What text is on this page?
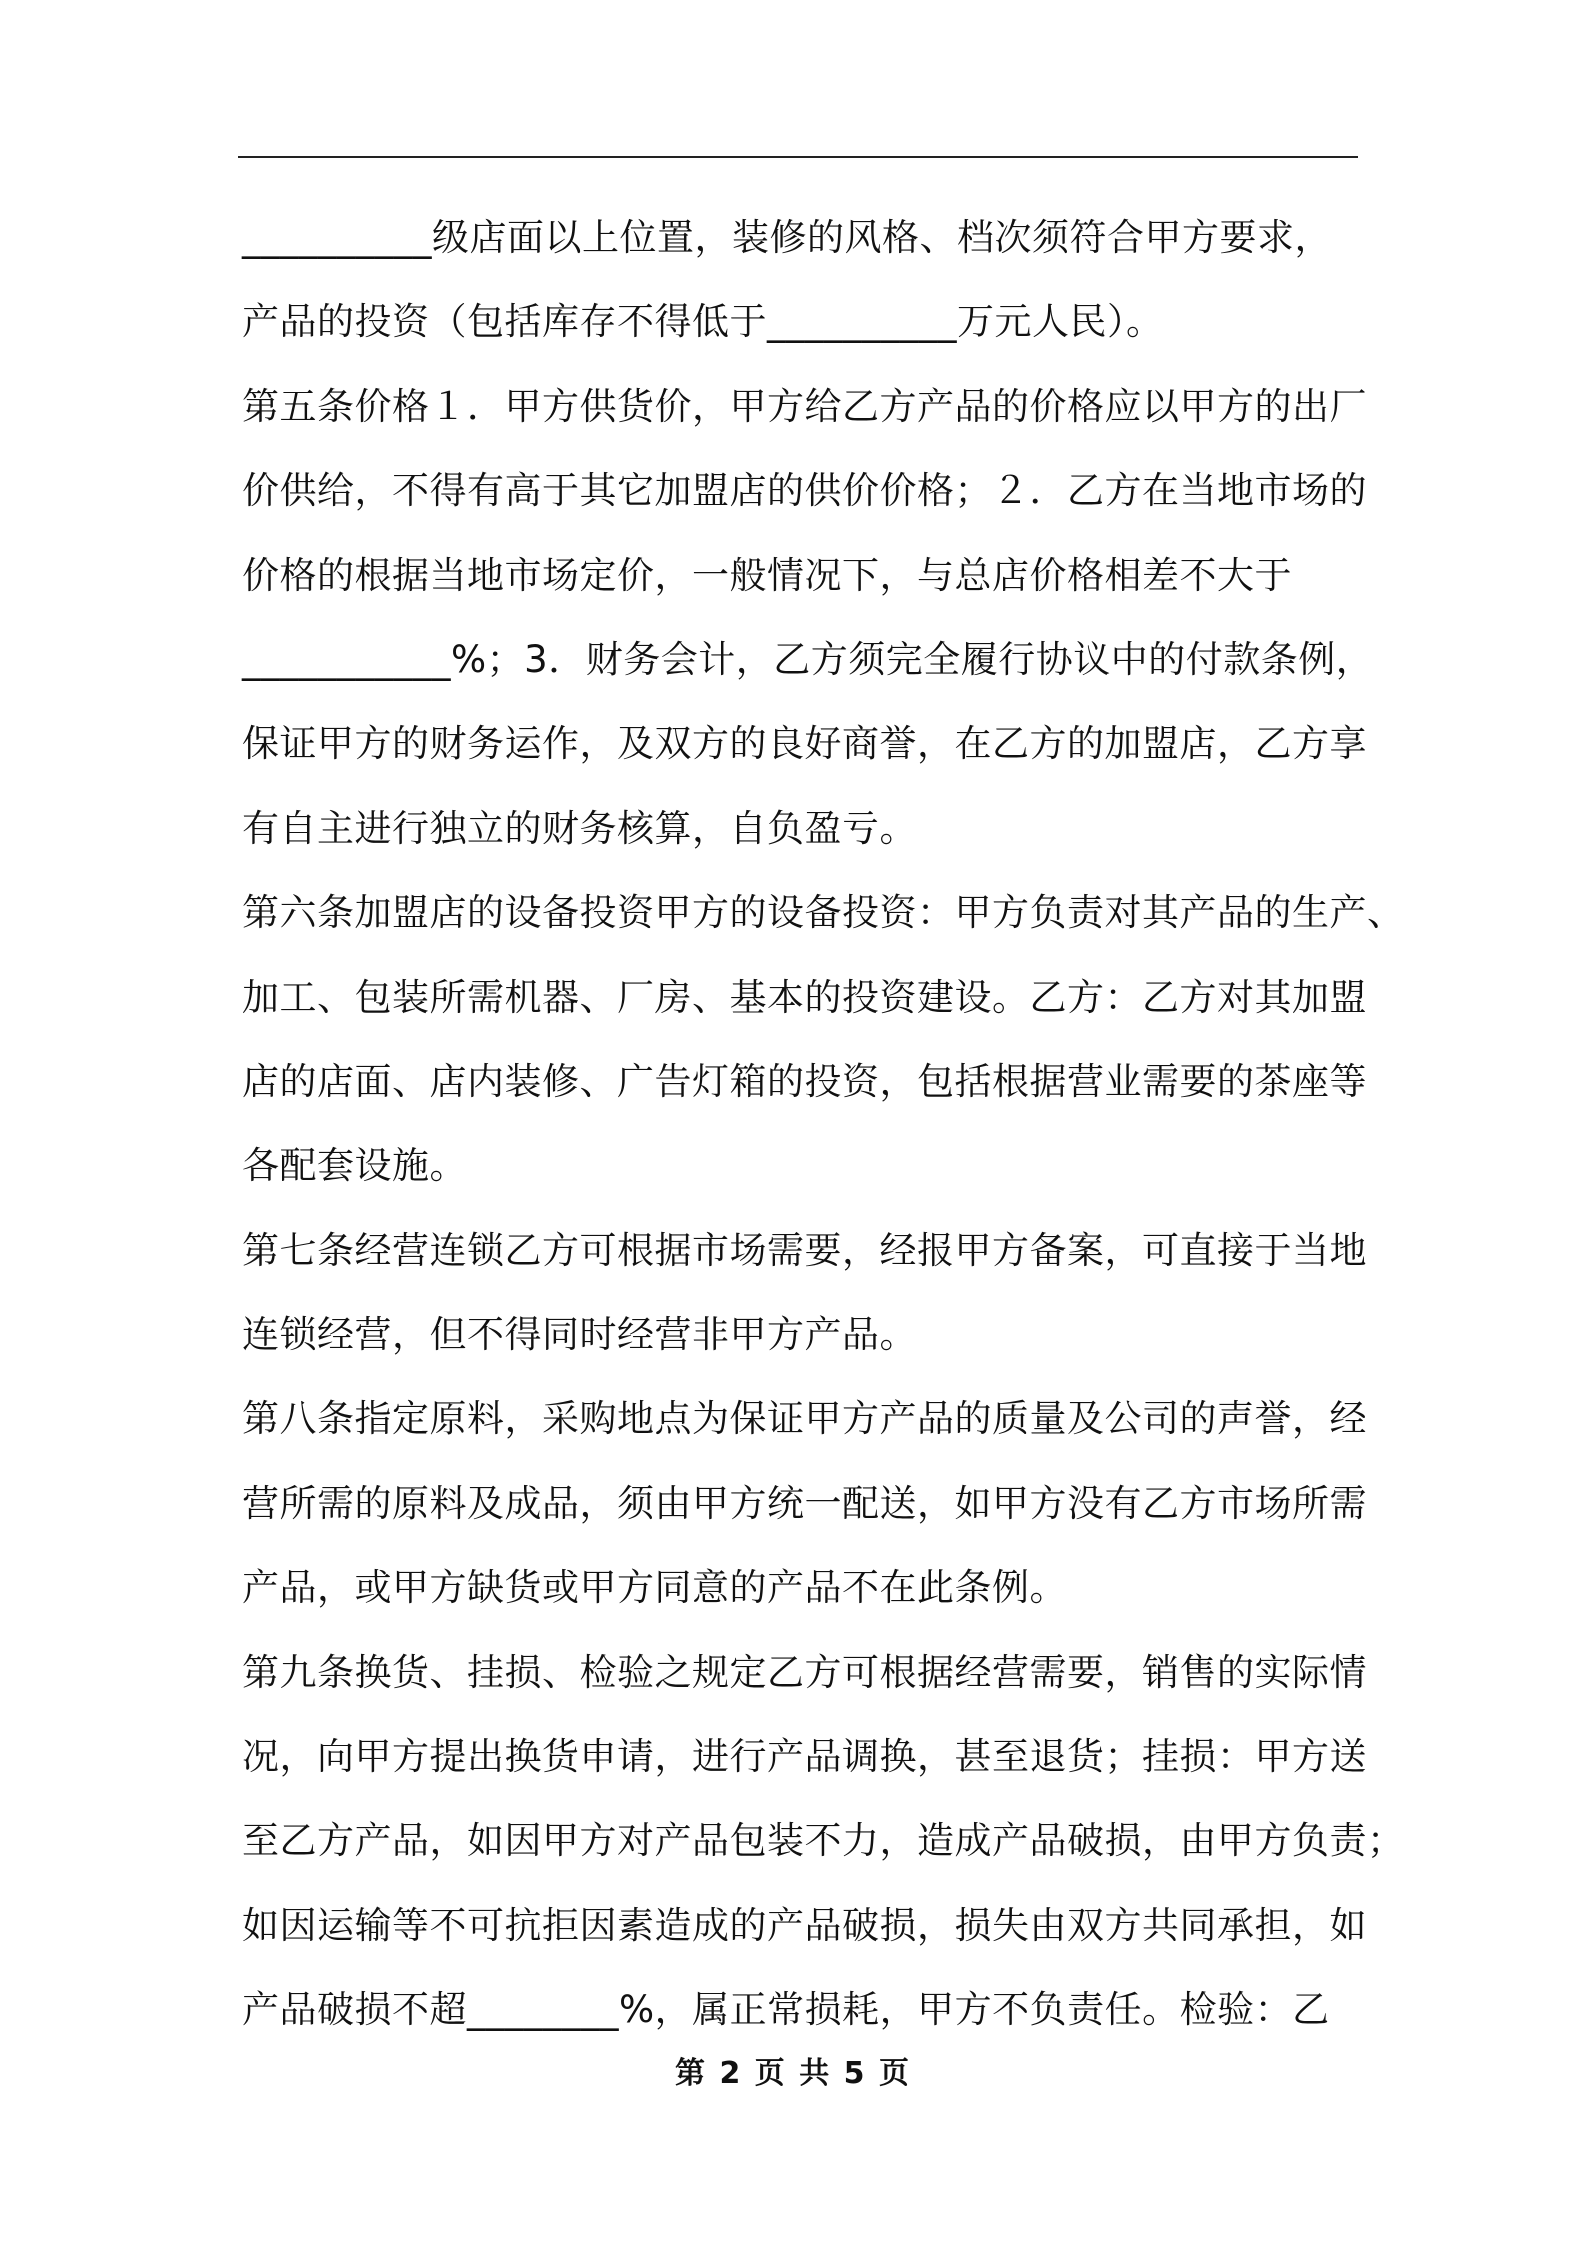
__________级店面以上位置，装修的风格、档次须符合甲方要求，
产品的投资（包括库存不得低于__________万元人民）。
第五条价格１．甲方供货价，甲方给乙方产品的价格应以甲方的出厂
价供给，不得有高于其它加盟店的供价价格；２．乙方在当地市场的
价格的根据当地市场定价，一般情况下，与总店价格相差不大于
___________%；3．财务会计，乙方须完全履行协议中的付款条例，
保证甲方的财务运作，及双方的良好商誉，在乙方的加盟店，乙方享
有自主进行独立的财务核算，自负盈亏。
第六条加盟店的设备投资甲方的设备投资：甲方负责对其产品的生产、
加工、包装所需机器、厂房、基本的投资建设。乙方：乙方对其加盟
店的店面、店内装修、广告灯箱的投资，包括根据营业需要的茶座等
各配套设施。
第七条经营连锁乙方可根据市场需要，经报甲方备案，可直接于当地
连锁经营，但不得同时经营非甲方产品。
第八条指定原料，采购地点为保证甲方产品的质量及公司的声誉，经
营所需的原料及成品，须由甲方统一配送，如甲方没有乙方市场所需
产品，或甲方缺货或甲方同意的产品不在此条例。
第九条换货、挂损、检验之规定乙方可根据经营需要，销售的实际情
况，向甲方提出换货申请，进行产品调换，甚至退货；挂损：甲方送
至乙方产品，如因甲方对产品包装不力，造成产品破损，由甲方负责；
如因运输等不可抗拒因素造成的产品破损，损失由双方共同承担，如
产品破损不超________%，属正常损耗，甲方不负责任。检验：乙
第 2 页 共 5 页
